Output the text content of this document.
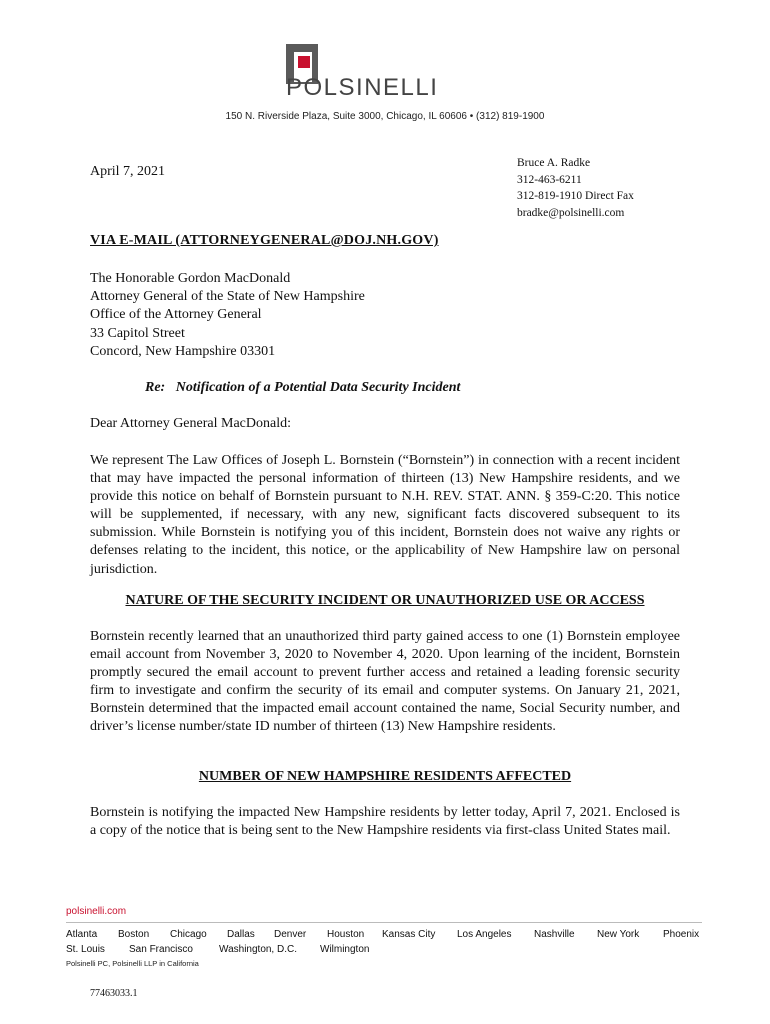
POLSINELLI
150 N. Riverside Plaza, Suite 3000, Chicago, IL 60606 • (312) 819-1900
April 7, 2021
Bruce A. Radke
312-463-6211
312-819-1910 Direct Fax
bradke@polsinelli.com
VIA E-MAIL (ATTORNEYGENERAL@DOJ.NH.GOV)
The Honorable Gordon MacDonald
Attorney General of the State of New Hampshire
Office of the Attorney General
33 Capitol Street
Concord, New Hampshire 03301
Re: Notification of a Potential Data Security Incident
Dear Attorney General MacDonald:
We represent The Law Offices of Joseph L. Bornstein (“Bornstein”) in connection with a recent incident that may have impacted the personal information of thirteen (13) New Hampshire residents, and we provide this notice on behalf of Bornstein pursuant to N.H. REV. STAT. ANN. § 359-C:20. This notice will be supplemented, if necessary, with any new, significant facts discovered subsequent to its submission. While Bornstein is notifying you of this incident, Bornstein does not waive any rights or defenses relating to the incident, this notice, or the applicability of New Hampshire law on personal jurisdiction.
NATURE OF THE SECURITY INCIDENT OR UNAUTHORIZED USE OR ACCESS
Bornstein recently learned that an unauthorized third party gained access to one (1) Bornstein employee email account from November 3, 2020 to November 4, 2020. Upon learning of the incident, Bornstein promptly secured the email account to prevent further access and retained a leading forensic security firm to investigate and confirm the security of its email and computer systems. On January 21, 2021, Bornstein determined that the impacted email account contained the name, Social Security number, and driver’s license number/state ID number of thirteen (13) New Hampshire residents.
NUMBER OF NEW HAMPSHIRE RESIDENTS AFFECTED
Bornstein is notifying the impacted New Hampshire residents by letter today, April 7, 2021. Enclosed is a copy of the notice that is being sent to the New Hampshire residents via first-class United States mail.
polsinelli.com
Atlanta Boston Chicago Dallas Denver Houston Kansas City Los Angeles Nashville New York Phoenix
St. Louis San Francisco	Washington, D.C. Wilmington
Polsinelli PC, Polsinelli LLP in California
77463033.1
